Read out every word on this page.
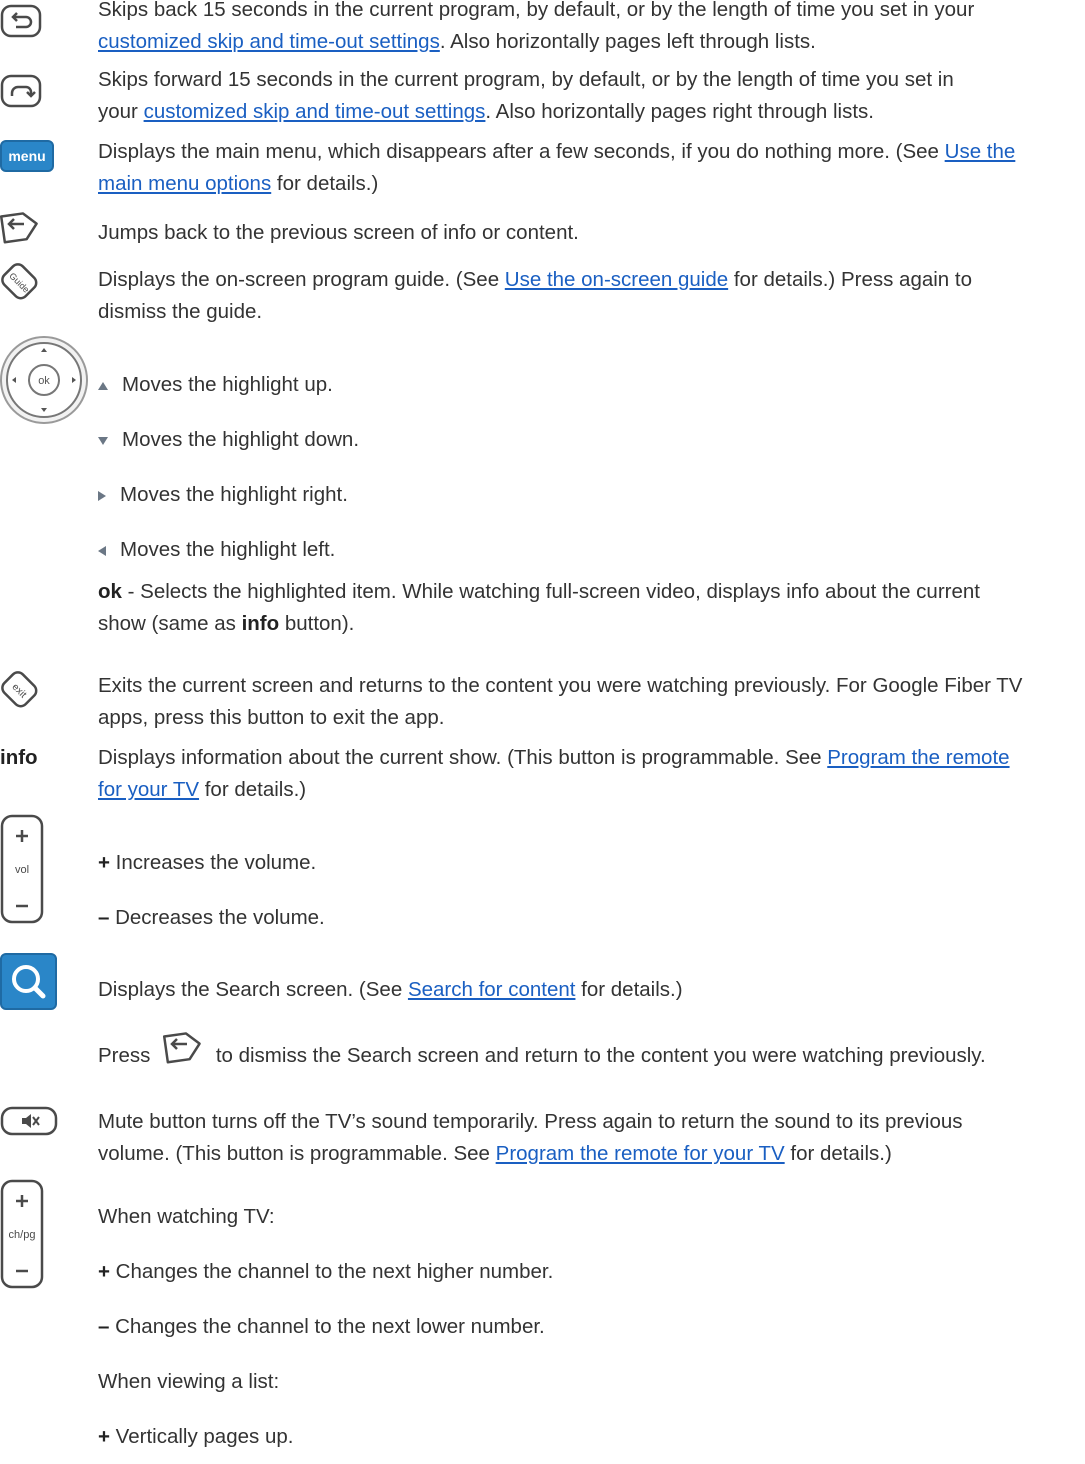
Skips back 15 seconds in the current program, by default, or by the length of time you set in your

customized skip and time-out settings. Also horizontally pages left through lists.

Skips forward 15 seconds in the current program, by default, or by the length of time you set in

your customized skip and time-out settings. Also horizontally pages right through lists.

menu	Displays the main menu, which disappears after a few seconds, if you do nothing more. (See Use the

main menu options for details.)

Jumps back to the previous screen of info or content.

Guide	Displays the on-screen program guide. (See Use the on-screen guide for details.) Press again to

dismiss the guide.

ok	Moves the highlight up.

Moves the highlight down.

Moves the highlight right.

Moves the highlight left.

ok - Selects the highlighted item. While watching full-screen video, displays info about the current

show (same as info button).

exit	Exits the current screen and returns to the content you were watching previously. For Google Fiber TV

apps, press this button to exit the app.

info	Displays information about the current show. (This button is programmable. See Program the remote

for your TV for details.)

vol	+ Increases the volume.

– Decreases the volume.

Displays the Search screen. (See Search for content for details.)

Press	to dismiss the Search screen and return to the content you were watching previously.

Mute button turns off the TV’s sound temporarily. Press again to return the sound to its previous

volume. (This button is programmable. See Program the remote for your TV for details.)

ch/pg

When watching TV:

+ Changes the channel to the next higher number.

– Changes the channel to the next lower number.

When viewing a list:

+ Vertically pages up.
